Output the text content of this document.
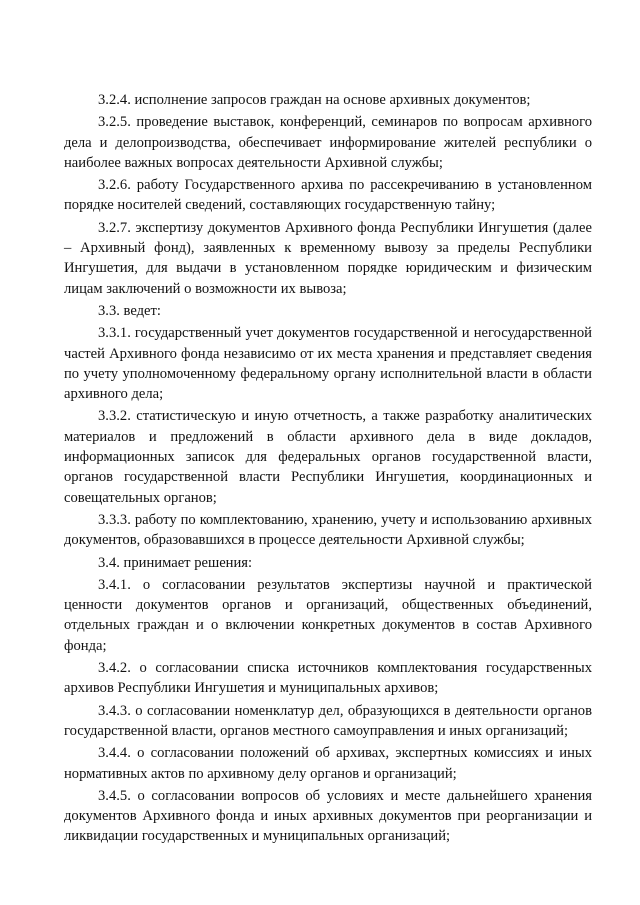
3.2.4. исполнение запросов граждан на основе архивных документов;

3.2.5. проведение выставок, конференций, семинаров по вопросам архивного дела и делопроизводства, обеспечивает информирование жителей республики о наиболее важных вопросах деятельности Архивной службы;

3.2.6. работу Государственного архива по рассекречиванию в установленном порядке носителей сведений, составляющих государственную тайну;

3.2.7. экспертизу документов Архивного фонда Республики Ингушетия (далее – Архивный фонд), заявленных к временному вывозу за пределы Республики Ингушетия, для выдачи в установленном порядке юридическим и физическим лицам заключений о возможности их вывоза;

3.3. ведет:

3.3.1. государственный учет документов государственной и негосударственной частей Архивного фонда независимо от их места хранения и представляет сведения по учету уполномоченному федеральному органу исполнительной власти в области архивного дела;

3.3.2. статистическую и иную отчетность, а также разработку аналитических материалов и предложений в области архивного дела в виде докладов, информационных записок для федеральных органов государственной власти, органов государственной власти Республики Ингушетия, координационных и совещательных органов;

3.3.3. работу по комплектованию, хранению, учету и использованию архивных документов, образовавшихся в процессе деятельности Архивной службы;

3.4. принимает решения:

3.4.1. о согласовании результатов экспертизы научной и практической ценности документов органов и организаций, общественных объединений, отдельных граждан и о включении конкретных документов в состав Архивного фонда;

3.4.2. о согласовании списка источников комплектования государственных архивов Республики Ингушетия и муниципальных архивов;

3.4.3. о согласовании номенклатур дел, образующихся в деятельности органов государственной власти, органов местного самоуправления и иных организаций;

3.4.4. о согласовании положений об архивах, экспертных комиссиях и иных нормативных актов по архивному делу органов и организаций;

3.4.5. о согласовании вопросов об условиях и месте дальнейшего хранения документов Архивного фонда и иных архивных документов при реорганизации и ликвидации государственных и муниципальных организаций;
